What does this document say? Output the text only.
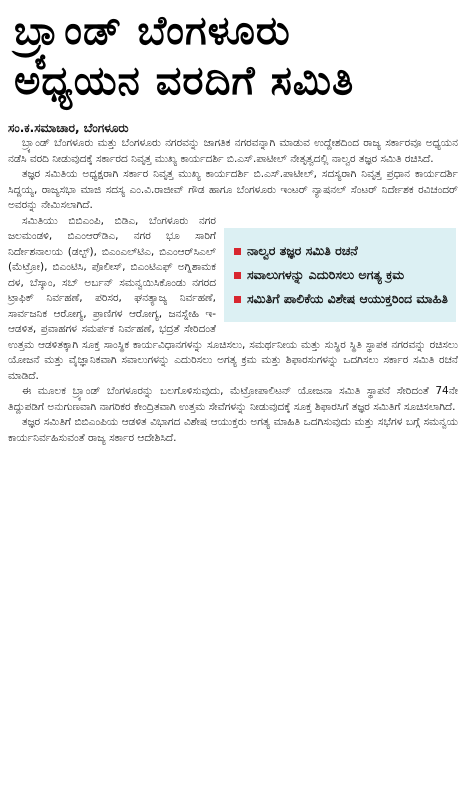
ಬ್ರ್ಯಾಂಡ್ ಬೆಂಗಳೂರು
ಅಧ್ಯಯನ ವರದಿಗೆ ಸಮಿತಿ
ಸಂ.ಕ.ಸಮಾಚಾರ, ಬೆಂಗಳೂರು

ಬ್ರ್ಯಾಂಡ್ ಬೆಂಗಳೂರು ಮತ್ತು ಬೆಂಗಳೂರು ನಗರವನ್ನು ಜಾಗತಿಕ ನಗರವನ್ನಾಗಿ ಮಾಡುವ ಉದ್ದೇಶದಿಂದ ರಾಜ್ಯ ಸರ್ಕಾರವೂ ಅಧ್ಯಯನ ನಡೆಸಿ ವರದಿ ನೀಡುವುದಕ್ಕೆ ಸರ್ಕಾರದ ನಿವೃತ್ತ ಮುಖ್ಯ ಕಾರ್ಯದರ್ಶಿ ಬಿ.ಎಸ್.ಪಾಟೀಲ್ ನೇತೃತ್ವದಲ್ಲಿ ನಾಲ್ವರ ತಜ್ಞರ ಸಮಿತಿ ರಚಿಸಿದೆ.

ತಜ್ಞರ ಸಮಿತಿಯ ಅಧ್ಯಕ್ಷರಾಗಿ ಸರ್ಕಾರ ನಿವೃತ್ತ ಮುಖ್ಯ ಕಾರ್ಯದರ್ಶಿ ಬಿ.ಎಸ್.ಪಾಟೀಲ್, ಸದಸ್ಯರಾಗಿ ನಿವೃತ್ತ ಪ್ರಧಾನ ಕಾರ್ಯದರ್ಶಿ ಸಿದ್ದಯ್ಯ, ರಾಜ್ಯಸಭಾ ಮಾಜಿ ಸದಸ್ಯ ಎಂ.ವಿ.ರಾಜೀವ್ ಗೌಡ ಹಾಗೂ ಬೆಂಗಳೂರು ಇಂಟರ್ ನ್ಯಾಷನಲ್ ಸೆಂಟರ್ ನಿರ್ದೇಶಕ ರವಿಚಂದರ್ ಅವರನ್ನು ನೇಮಿಸಲಾಗಿದೆ.

ನಾಲ್ವರ ತಜ್ಞರ ಸಮಿತಿ ರಚನೆ
ಸವಾಲುಗಳನ್ನು ಎದುರಿಸಲು ಅಗತ್ಯ ಕ್ರಮ
ಸಮಿತಿಗೆ ಪಾಲಿಕೆಯ ವಿಶೇಷ ಆಯುಕ್ತರಿಂದ ಮಾಹಿತಿ

ಸಮಿತಿಯು ಬಿಬಿಎಂಪಿ, ಬಿಡಿಎ, ಬೆಂಗಳೂರು ನಗರ ಜಲಮಂಡಳಿ, ಬಿಎಂಆರ್‌ಡಿಎ, ನಗರ ಭೂ ಸಾರಿಗೆ ನಿರ್ದೇಶನಾಲಯ (ಡಲ್ಟ್), ಬಿಎಂಎಲ್‌ಟಿಎ, ಬಿಎಂಆರ್‌ಸಿಎಲ್ (ಮೆಟ್ರೋ), ಬಿಎಂಟಿಸಿ, ಪೊಲೀಸ್, ಬಿಎಂಟಿಎಫ್ ಅಗ್ನಿಶಾಮಕ ದಳ, ಬೆಸ್ಕಾಂ, ಸಬ್ ಅರ್ಬನ್ ಸಮನ್ವಯಿಸಿಕೊಂಡು ನಗರದ ಟ್ರಾಫಿಕ್ ನಿರ್ವಹಣೆ, ಪರಿಸರ, ಘನತ್ಯಾಜ್ಯ ನಿರ್ವಹಣೆ, ಸಾರ್ವಜನಿಕ ಆರೋಗ್ಯ, ಪ್ರಾಣಿಗಳ ಆರೋಗ್ಯ, ಜನಸ್ನೇಹಿ ಇ-ಆಡಳಿತ, ಪ್ರವಾಹಗಳ ಸಮರ್ಪಕ ನಿರ್ವಹಣೆ, ಭದ್ರತೆ ಸೇರಿದಂತೆ ಉತ್ತಮ ಆಡಳಿತಕ್ಕಾಗಿ ಸೂಕ್ತ ಸಾಂಸ್ಥಿಕ ಕಾರ್ಯವಿಧಾನಗಳನ್ನು ಸೂಚಿಸಲು, ಸಮರ್ಥನೀಯ ಮತ್ತು ಸುಸ್ಥಿರ ಸ್ಥಿತಿ ಸ್ಥಾಪಕ ನಗರವನ್ನು ರಚಿಸಲು ಯೋಜನೆ ಮತ್ತು ವೈಜ್ಞಾನಿಕವಾಗಿ ಸವಾಲುಗಳನ್ನು ಎದುರಿಸಲು ಅಗತ್ಯ ಕ್ರಮ ಮತ್ತು ಶಿಫಾರಸುಗಳನ್ನು ಒದಗಿಸಲು ಸರ್ಕಾರ ಸಮಿತಿ ರಚನೆ ಮಾಡಿದೆ.

ಈ ಮೂಲಕ ಬ್ರ್ಯಾಂಡ್ ಬೆಂಗಳೂರನ್ನು ಬಲಗೊಳಿಸುವುದು, ಮೆಟ್ರೋಪಾಲಿಟನ್ ಯೋಜನಾ ಸಮಿತಿ ಸ್ಥಾಪನೆ ಸೇರಿದಂತೆ 74ನೇ ತಿದ್ದುಪಡಿಗೆ ಅನುಗುಣವಾಗಿ ನಾಗರಿಕರ ಕೇಂದ್ರಿತವಾಗಿ ಉತ್ತಮ ಸೇವೆಗಳನ್ನು ನೀಡುವುದಕ್ಕೆ ಸೂಕ್ತ ಶಿಫಾರಸಿಗೆ ತಜ್ಞರ ಸಮಿತಿಗೆ ಸೂಚಿಸಲಾಗಿದೆ.

ತಜ್ಞರ ಸಮಿತಿಗೆ ಬಿಬಿಎಂಪಿಯ ಆಡಳಿತ ವಿಭಾಗದ ವಿಶೇಷ ಆಯುಕ್ತರು ಅಗತ್ಯ ಮಾಹಿತಿ ಒದಗಿಸುವುದು ಮತ್ತು ಸಭೆಗಳ ಬಗ್ಗೆ ಸಮನ್ವಯ ಕಾರ್ಯನಿರ್ವಹಿಸುವಂತೆ ರಾಜ್ಯ ಸರ್ಕಾರ ಆದೇಶಿಸಿದೆ.
